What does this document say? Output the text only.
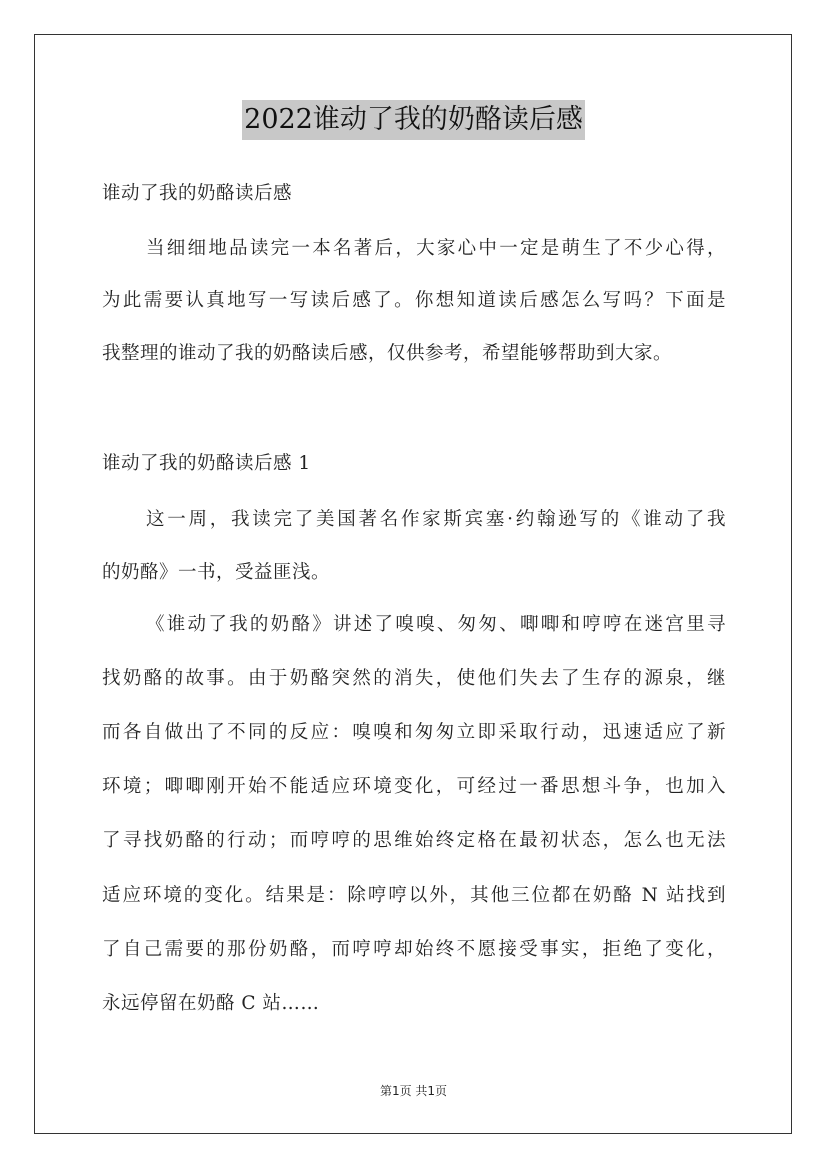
2022谁动了我的奶酪读后感
谁动了我的奶酪读后感
当细细地品读完一本名著后，大家心中一定是萌生了不少心得，
为此需要认真地写一写读后感了。你想知道读后感怎么写吗？下面是
我整理的谁动了我的奶酪读后感，仅供参考，希望能够帮助到大家。
谁动了我的奶酪读后感 1
这一周，我读完了美国著名作家斯宾塞·约翰逊写的《谁动了我
的奶酪》一书，受益匪浅。
《谁动了我的奶酪》讲述了嗅嗅、匆匆、唧唧和哼哼在迷宫里寻
找奶酪的故事。由于奶酪突然的消失，使他们失去了生存的源泉，继
而各自做出了不同的反应：嗅嗅和匆匆立即采取行动，迅速适应了新
环境；唧唧刚开始不能适应环境变化，可经过一番思想斗争，也加入
了寻找奶酪的行动；而哼哼的思维始终定格在最初状态，怎么也无法
适应环境的变化。结果是：除哼哼以外，其他三位都在奶酪 N 站找到
了自己需要的那份奶酪，而哼哼却始终不愿接受事实，拒绝了变化，
永远停留在奶酪 C 站……
第1页 共1页
